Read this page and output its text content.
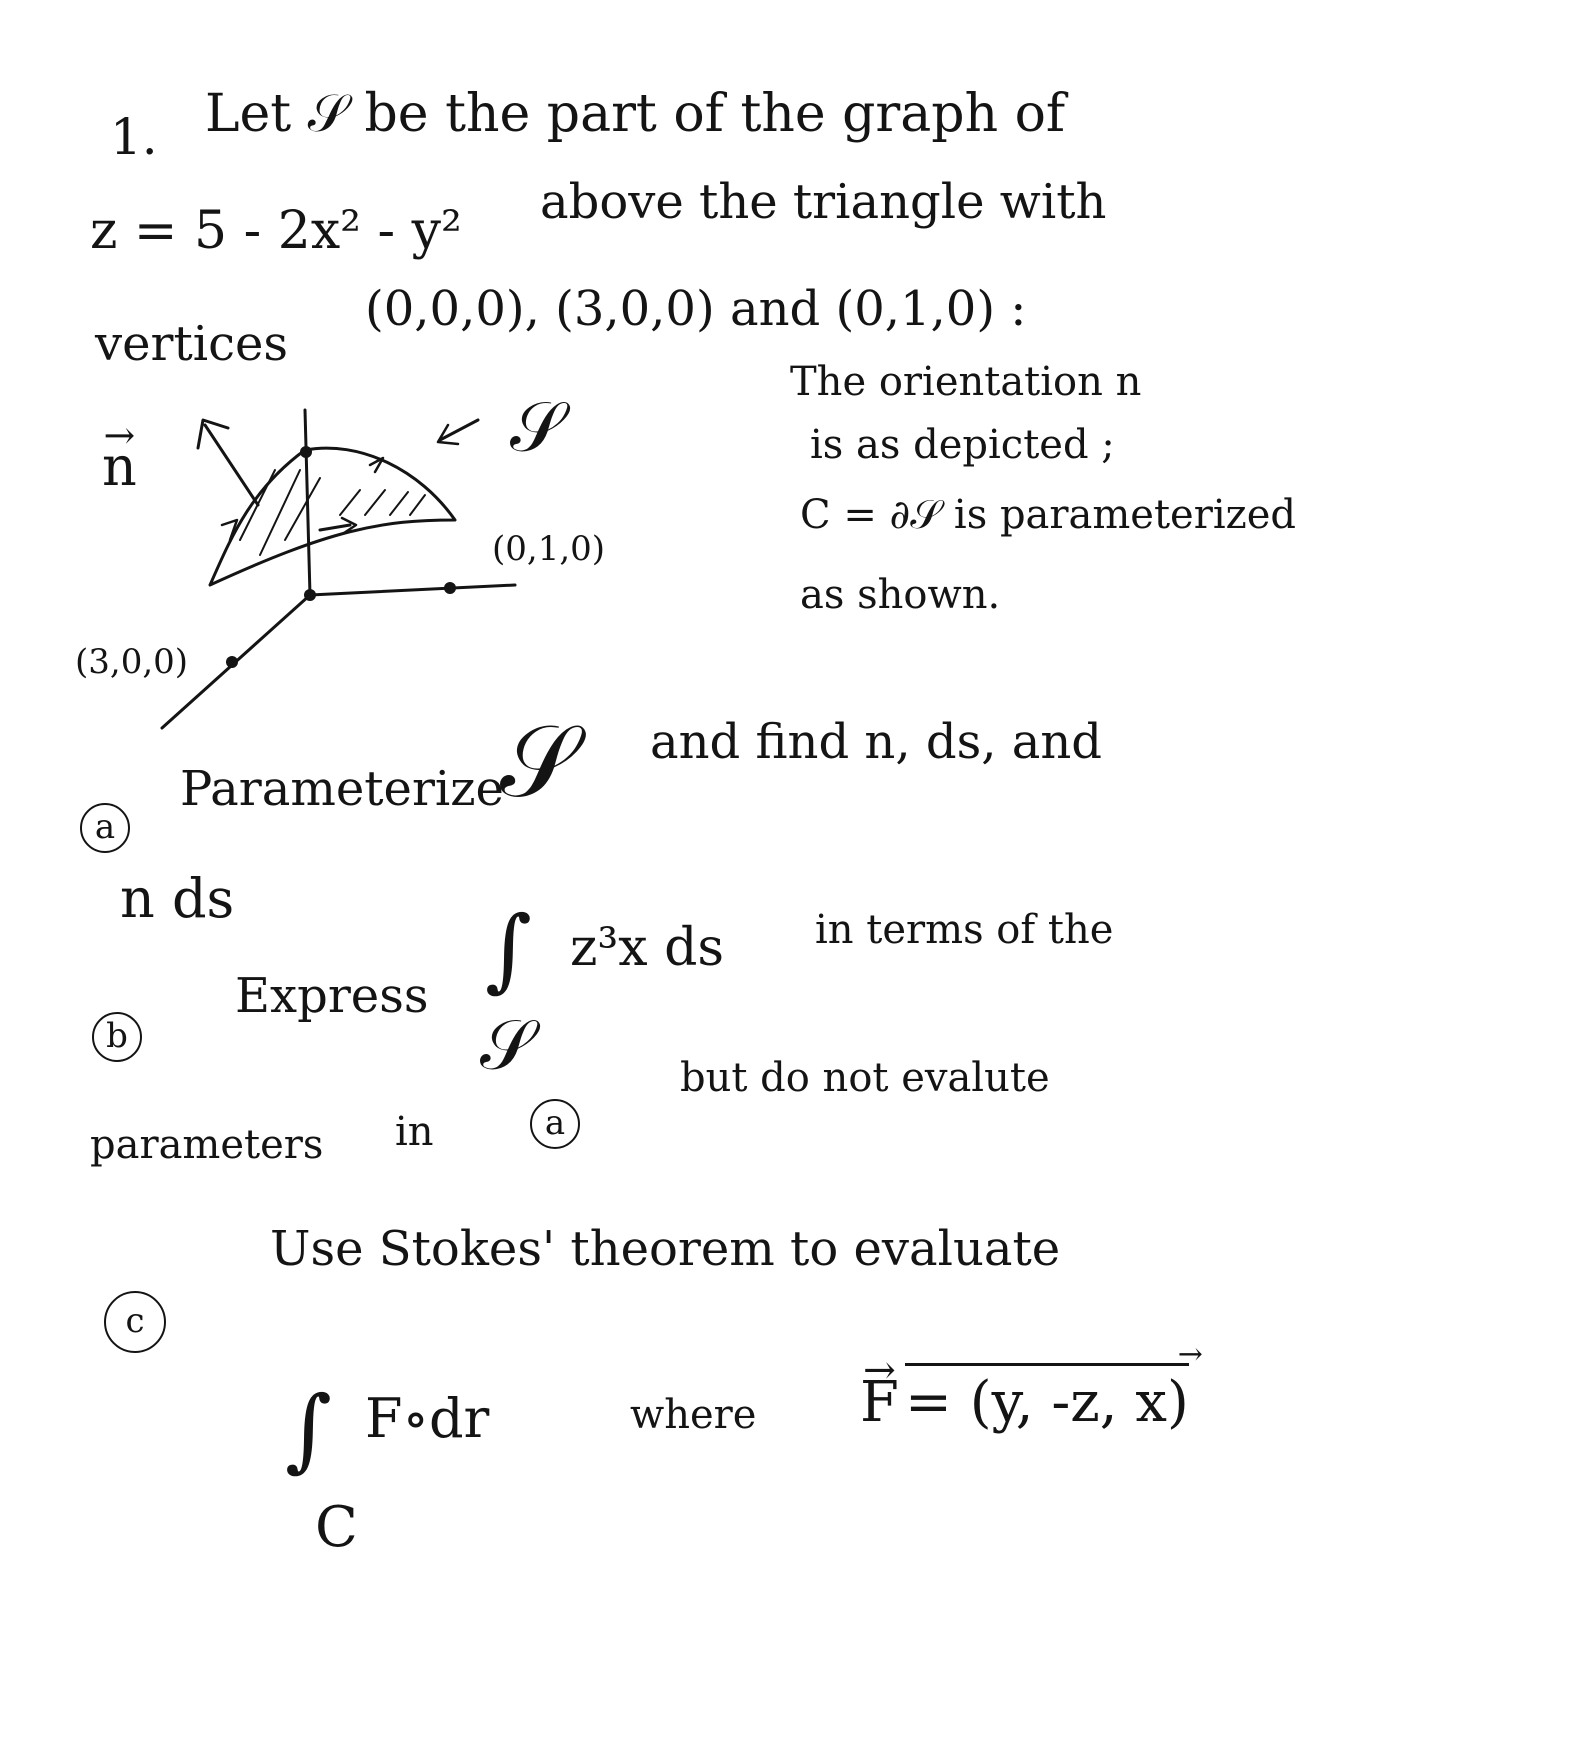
1. Let 𝒮 be the part of the graph of
z = 5 - 2x² - y² above the triangle with
vertices
(0,0,0), (3,0,0) and (0,1,0) :
→ n	𝒮
(0,1,0)
(3,0,0)
The orientation n
is as depicted ;
C = ∂𝒮 is parameterized
as shown.
a
Parameterize
𝒮 and find n, ds, and
n ds
b
Express ∫ z³x ds
𝒮
in terms of the
but do not evalute
parameters in	a
c
Use Stokes' theorem to evaluate
∫ F∘dr
C
where
→ F = (y, -z, x) →
